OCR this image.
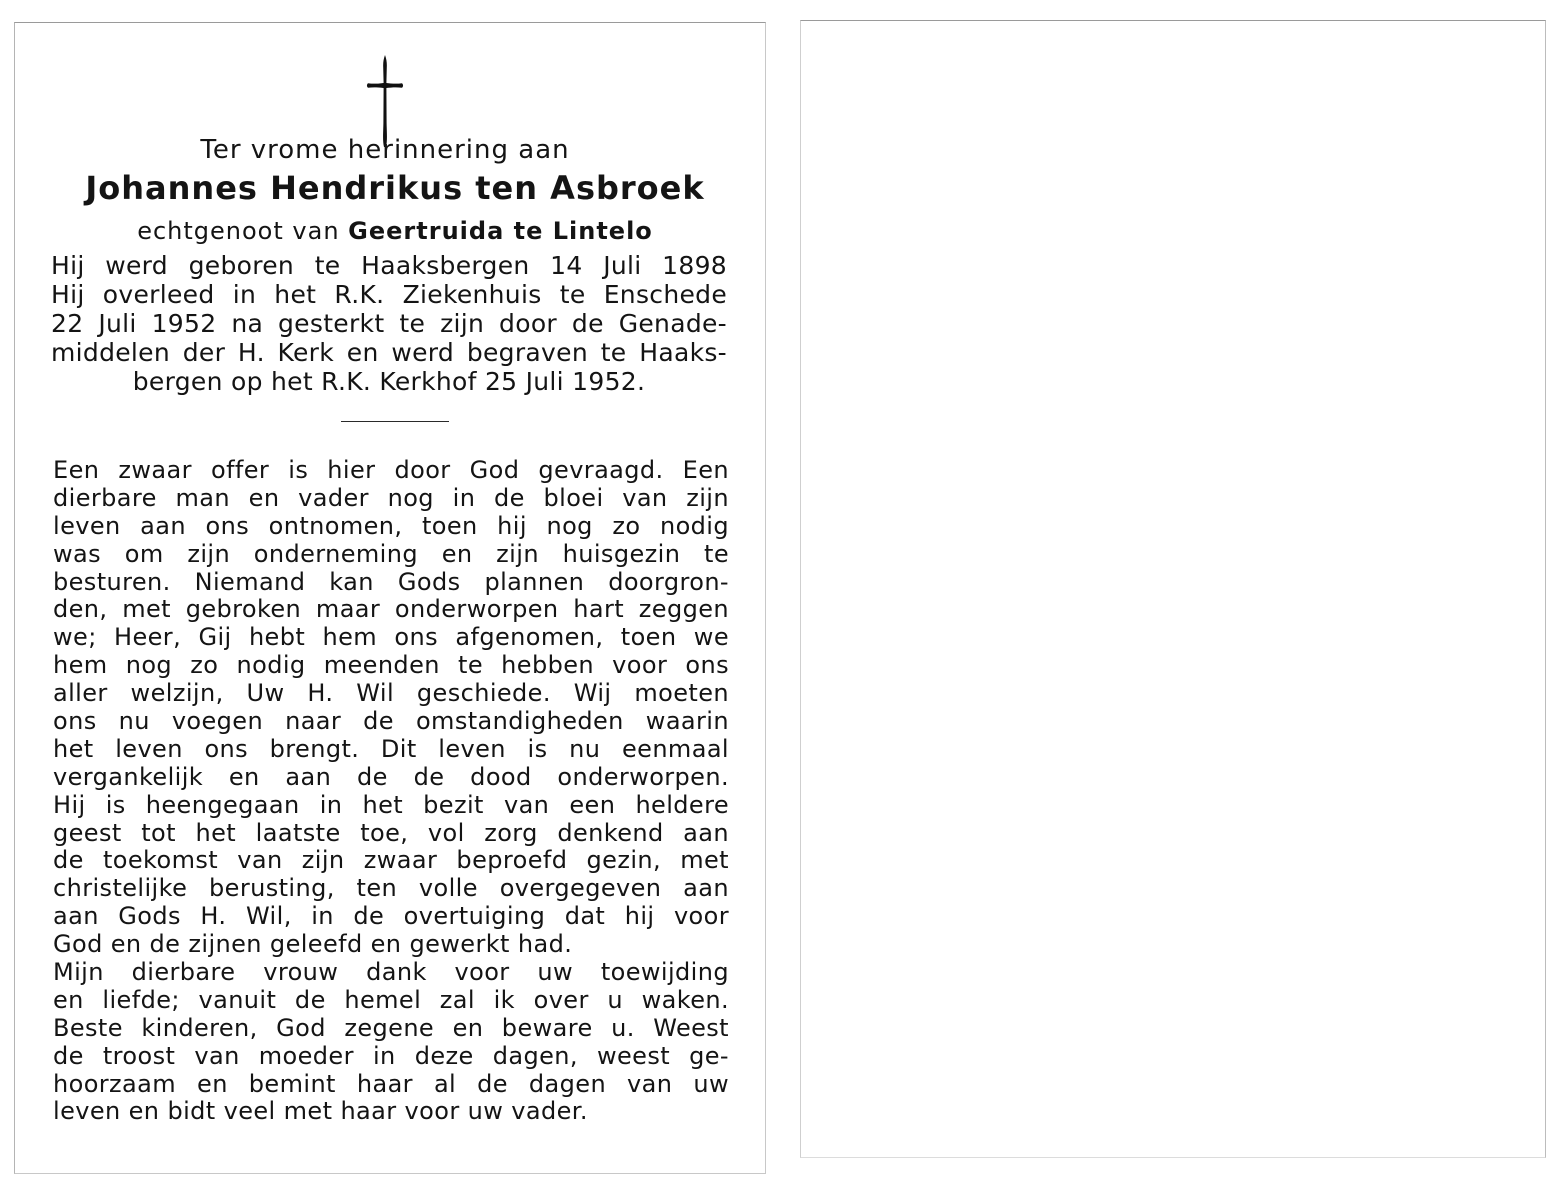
Ter vrome herinnering aan
Johannes Hendrikus ten Asbroek
echtgenoot van Geertruida te Lintelo
Hij werd geboren te Haaksbergen 14 Juli 1898
Hij overleed in het R.K. Ziekenhuis te Enschede
22 Juli 1952 na gesterkt te zijn door de Genade-
middelen der H. Kerk en werd begraven te Haaks-
bergen op het R.K. Kerkhof 25 Juli 1952.
Een zwaar offer is hier door God gevraagd. Een
dierbare man en vader nog in de bloei van zijn
leven aan ons ontnomen, toen hij nog zo nodig
was om zijn onderneming en zijn huisgezin te
besturen. Niemand kan Gods plannen doorgron-
den, met gebroken maar onderworpen hart zeggen
we; Heer, Gij hebt hem ons afgenomen, toen we
hem nog zo nodig meenden te hebben voor ons
aller welzijn, Uw H. Wil geschiede. Wij moeten
ons nu voegen naar de omstandigheden waarin
het leven ons brengt. Dit leven is nu eenmaal
vergankelijk en aan de de dood onderworpen.
Hij is heengegaan in het bezit van een heldere
geest tot het laatste toe, vol zorg denkend aan
de toekomst van zijn zwaar beproefd gezin, met
christelijke berusting, ten volle overgegeven aan
aan Gods H. Wil, in de overtuiging dat hij voor
God en de zijnen geleefd en gewerkt had.
Mijn dierbare vrouw dank voor uw toewijding
en liefde; vanuit de hemel zal ik over u waken.
Beste kinderen, God zegene en beware u. Weest
de troost van moeder in deze dagen, weest ge-
hoorzaam en bemint haar al de dagen van uw
leven en bidt veel met haar voor uw vader.
